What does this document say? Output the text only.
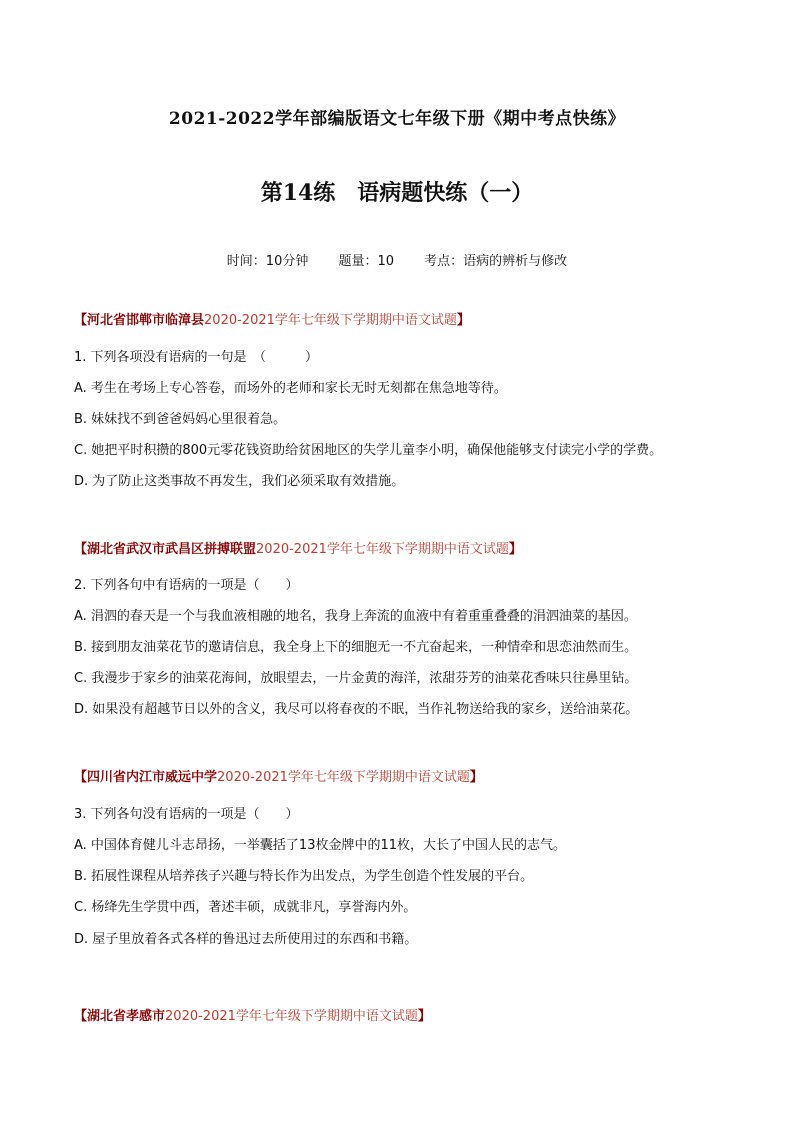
2021-2022学年部编版语文七年级下册《期中考点快练》
第14练　语病题快练（一）
时间：10分钟 题量：10 考点：语病的辨析与修改
【河北省邯郸市临漳县2020-2021学年七年级下学期期中语文试题】
1. 下列各项没有语病的一句是　（　　　）
A. 考生在考场上专心答卷，而场外的老师和家长无时无刻都在焦急地等待。
B. 妹妹找不到爸爸妈妈心里很着急。
C. 她把平时积攒的800元零花钱资助给贫困地区的失学儿童李小明，确保他能够支付读完小学的学费。
D. 为了防止这类事故不再发生，我们必须采取有效措施。
【湖北省武汉市武昌区拼搏联盟2020-2021学年七年级下学期期中语文试题】
2. 下列各句中有语病的一项是（　　）
A. 涓泗的春天是一个与我血液相融的地名，我身上奔流的血液中有着重重叠叠的涓泗油菜的基因。
B. 接到朋友油菜花节的邀请信息，我全身上下的细胞无一不亢奋起来，一种情牵和思恋油然而生。
C. 我漫步于家乡的油菜花海间，放眼望去，一片金黄的海洋，浓甜芬芳的油菜花香味只往鼻里钻。
D. 如果没有超越节日以外的含义，我尽可以将春夜的不眠，当作礼物送给我的家乡，送给油菜花。
【四川省内江市威远中学2020-2021学年七年级下学期期中语文试题】
3. 下列各句没有语病的一项是（　　）
A. 中国体育健儿斗志昂扬，一举囊括了13枚金牌中的11枚，大长了中国人民的志气。
B. 拓展性课程从培养孩子兴趣与特长作为出发点，为学生创造个性发展的平台。
C. 杨绛先生学贯中西，著述丰硕，成就非凡，享誉海内外。
D. 屋子里放着各式各样的鲁迅过去所使用过的东西和书籍。
【湖北省孝感市2020-2021学年七年级下学期期中语文试题】
